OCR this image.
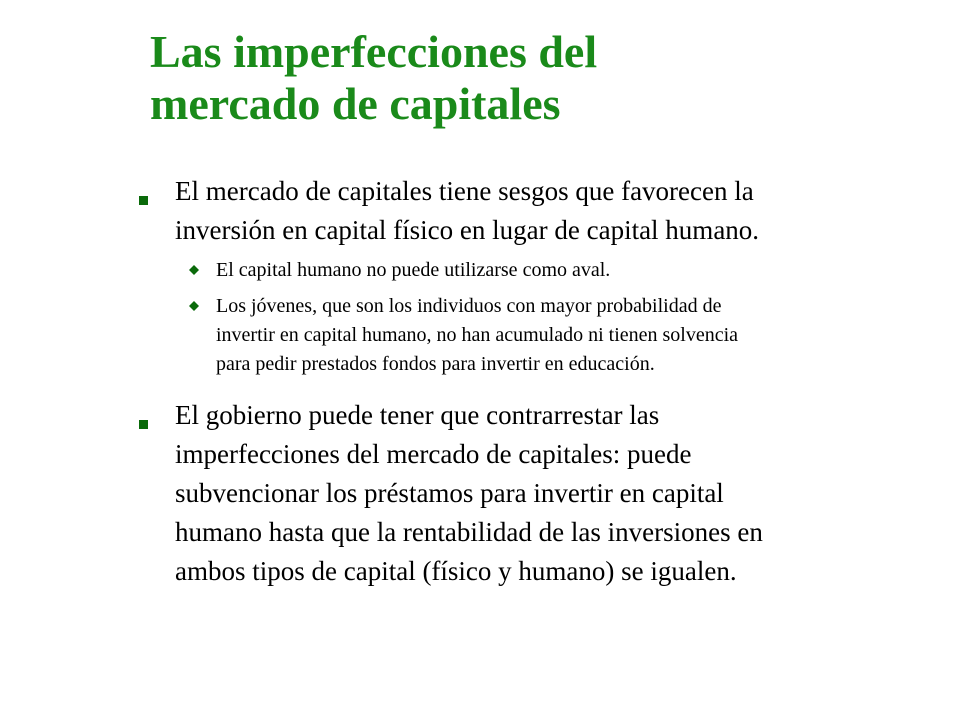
Las imperfecciones del
mercado de capitales
El mercado de capitales tiene sesgos que favorecen la
inversión en capital físico en lugar de capital humano.
El capital humano no puede utilizarse como aval.
Los jóvenes, que son los individuos con mayor probabilidad de
invertir en capital humano, no han acumulado ni tienen solvencia
para pedir prestados fondos para invertir en educación.
El gobierno puede tener que contrarrestar las
imperfecciones del mercado de capitales: puede
subvencionar los préstamos para invertir en capital
humano hasta que la rentabilidad de las inversiones en
ambos tipos de capital (físico y humano) se igualen.
